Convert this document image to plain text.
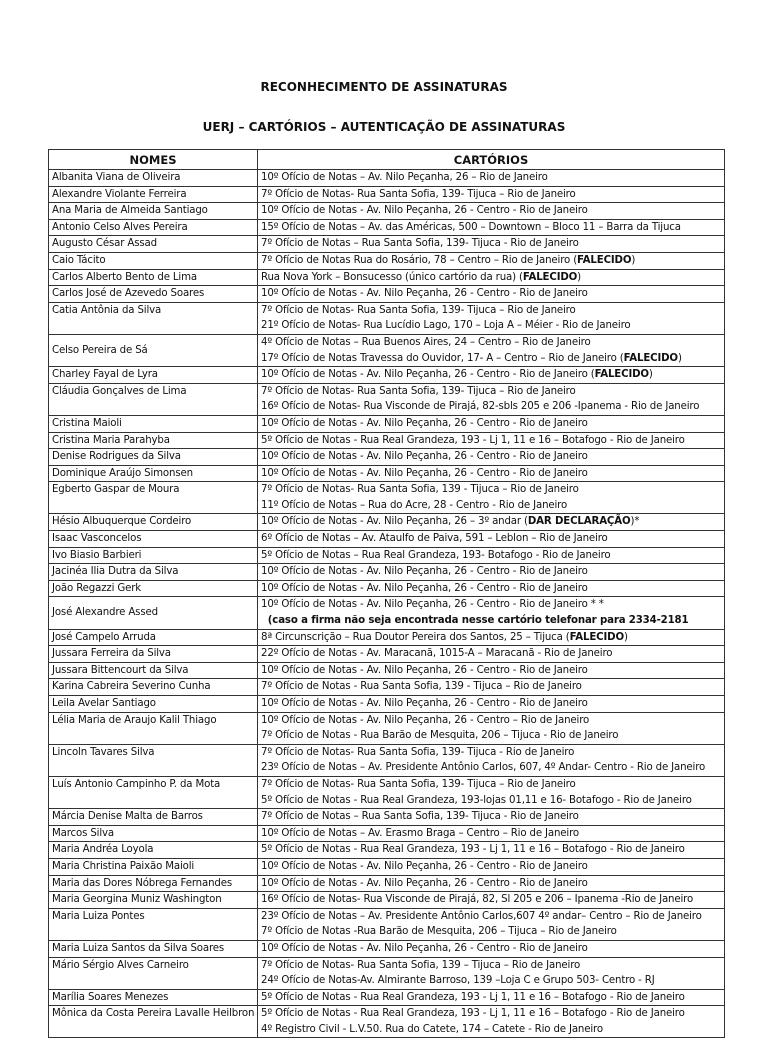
RECONHECIMENTO DE ASSINATURAS
UERJ – CARTÓRIOS – AUTENTICAÇÃO DE ASSINATURAS
NOMES	CARTÓRIOS
Albanita Viana de Oliveira	10º Ofício de Notas – Av. Nilo Peçanha, 26 – Rio de Janeiro

Alexandre Violante Ferreira	7º Ofício de Notas- Rua Santa Sofia, 139- Tijuca – Rio de Janeiro

Ana Maria de Almeida Santiago	10º Ofício de Notas - Av. Nilo Peçanha, 26 - Centro - Rio de Janeiro

Antonio Celso Alves Pereira	15º Ofício de Notas – Av. das Américas, 500 – Downtown – Bloco 11 – Barra da Tijuca

Augusto César Assad	7º Ofício de Notas – Rua Santa Sofia, 139- Tijuca - Rio de Janeiro

Caio Tácito	7º Ofício de Notas Rua do Rosário, 78 – Centro – Rio de Janeiro (FALECIDO)

Carlos Alberto Bento de Lima	Rua Nova York – Bonsucesso (único cartório da rua) (FALECIDO)

Carlos José de Azevedo Soares	10º Ofício de Notas - Av. Nilo Peçanha, 26 - Centro - Rio de Janeiro

Catia Antônia da Silva	7º Ofício de Notas- Rua Santa Sofia, 139- Tijuca – Rio de Janeiro
21º Ofício de Notas- Rua Lucídio Lago, 170 – Loja A – Méier - Rio de Janeiro

Celso Pereira de Sá	4º Ofício de Notas – Rua Buenos Aires, 24 – Centro – Rio de Janeiro
17º Ofício de Notas Travessa do Ouvidor, 17- A – Centro – Rio de Janeiro (FALECIDO)

Charley Fayal de Lyra	10º Ofício de Notas - Av. Nilo Peçanha, 26 - Centro - Rio de Janeiro (FALECIDO)

Cláudia Gonçalves de Lima	7º Ofício de Notas- Rua Santa Sofia, 139- Tijuca – Rio de Janeiro
16º Ofício de Notas- Rua Visconde de Pirajá, 82-sbls 205 e 206 -Ipanema - Rio de Janeiro

Cristina Maioli	10º Ofício de Notas - Av. Nilo Peçanha, 26 - Centro - Rio de Janeiro

Cristina Maria Parahyba	5º Ofício de Notas - Rua Real Grandeza, 193 - Lj 1, 11 e 16 – Botafogo - Rio de Janeiro

Denise Rodrigues da Silva	10º Ofício de Notas - Av. Nilo Peçanha, 26 - Centro - Rio de Janeiro

Dominique Araújo Simonsen	10º Ofício de Notas - Av. Nilo Peçanha, 26 - Centro - Rio de Janeiro

Egberto Gaspar de Moura	7º Ofício de Notas- Rua Santa Sofia, 139 - Tijuca – Rio de Janeiro
11º Ofício de Notas – Rua do Acre, 28 - Centro - Rio de Janeiro

Hésio Albuquerque Cordeiro	10º Ofício de Notas - Av. Nilo Peçanha, 26 – 3º andar (DAR DECLARAÇÃO)*

Isaac Vasconcelos	6º Ofício de Notas – Av. Ataulfo de Paiva, 591 – Leblon – Rio de Janeiro

Ivo Biasio Barbieri	5º Ofício de Notas – Rua Real Grandeza, 193- Botafogo - Rio de Janeiro

Jacinéa Ilia Dutra da Silva	10º Ofício de Notas - Av. Nilo Peçanha, 26 - Centro - Rio de Janeiro

João Regazzi Gerk	10º Ofício de Notas - Av. Nilo Peçanha, 26 - Centro - Rio de Janeiro

José Alexandre Assed	10º Ofício de Notas - Av. Nilo Peçanha, 26 - Centro - Rio de Janeiro * *
(caso a firma não seja encontrada nesse cartório telefonar para 2334-2181

José Campelo Arruda	8ª Circunscrição – Rua Doutor Pereira dos Santos, 25 – Tijuca (FALECIDO)

Jussara Ferreira da Silva	22º Ofício de Notas - Av. Maracanã, 1015-A – Maracanã - Rio de Janeiro

Jussara Bittencourt da Silva	10º Ofício de Notas - Av. Nilo Peçanha, 26 - Centro - Rio de Janeiro

Karina Cabreira Severino Cunha	7º Ofício de Notas - Rua Santa Sofia, 139 - Tijuca – Rio de Janeiro

Leila Avelar Santiago	10º Ofício de Notas - Av. Nilo Peçanha, 26 - Centro - Rio de Janeiro

Lélia Maria de Araujo Kalil Thiago	10º Ofício de Notas - Av. Nilo Peçanha, 26 - Centro – Rio de Janeiro
7º Ofício de Notas - Rua Barão de Mesquita, 206 – Tijuca - Rio de Janeiro

Lincoln Tavares Silva	7º Ofício de Notas- Rua Santa Sofia, 139- Tijuca - Rio de Janeiro
23º Ofício de Notas – Av. Presidente Antônio Carlos, 607, 4º Andar- Centro - Rio de Janeiro

Luís Antonio Campinho P. da Mota	7º Ofício de Notas- Rua Santa Sofia, 139- Tijuca – Rio de Janeiro
5º Ofício de Notas - Rua Real Grandeza, 193-lojas 01,11 e 16- Botafogo - Rio de Janeiro

Márcia Denise Malta de Barros	7º Ofício de Notas – Rua Santa Sofia, 139- Tijuca - Rio de Janeiro

Marcos Silva	10º Ofício de Notas – Av. Erasmo Braga – Centro – Rio de Janeiro

Maria Andréa Loyola	5º Ofício de Notas - Rua Real Grandeza, 193 - Lj 1, 11 e 16 – Botafogo - Rio de Janeiro

Maria Christina Paixão Maioli	10º Ofício de Notas - Av. Nilo Peçanha, 26 - Centro - Rio de Janeiro

Maria das Dores Nóbrega Fernandes	10º Ofício de Notas - Av. Nilo Peçanha, 26 - Centro - Rio de Janeiro

Maria Georgina Muniz Washington	16º Ofício de Notas- Rua Visconde de Pirajá, 82, Sl 205 e 206 – Ipanema -Rio de Janeiro

Maria Luiza Pontes	23º Ofício de Notas – Av. Presidente Antônio Carlos,607 4º andar– Centro – Rio de Janeiro
7º Ofício de Notas -Rua Barão de Mesquita, 206 – Tijuca – Rio de Janeiro

Maria Luiza Santos da Silva Soares	10º Ofício de Notas - Av. Nilo Peçanha, 26 - Centro - Rio de Janeiro

Mário Sérgio Alves Carneiro	7º Ofício de Notas- Rua Santa Sofia, 139 – Tijuca – Rio de Janeiro
24º Ofício de Notas-Av. Almirante Barroso, 139 –Loja C e Grupo 503- Centro - RJ

Marília Soares Menezes	5º Ofício de Notas - Rua Real Grandeza, 193 - Lj 1, 11 e 16 – Botafogo - Rio de Janeiro

Mônica da Costa Pereira Lavalle Heilbron	5º Ofício de Notas - Rua Real Grandeza, 193 - Lj 1, 11 e 16 – Botafogo - Rio de Janeiro
4º Registro Civil - L.V.50. Rua do Catete, 174 – Catete - Rio de Janeiro
